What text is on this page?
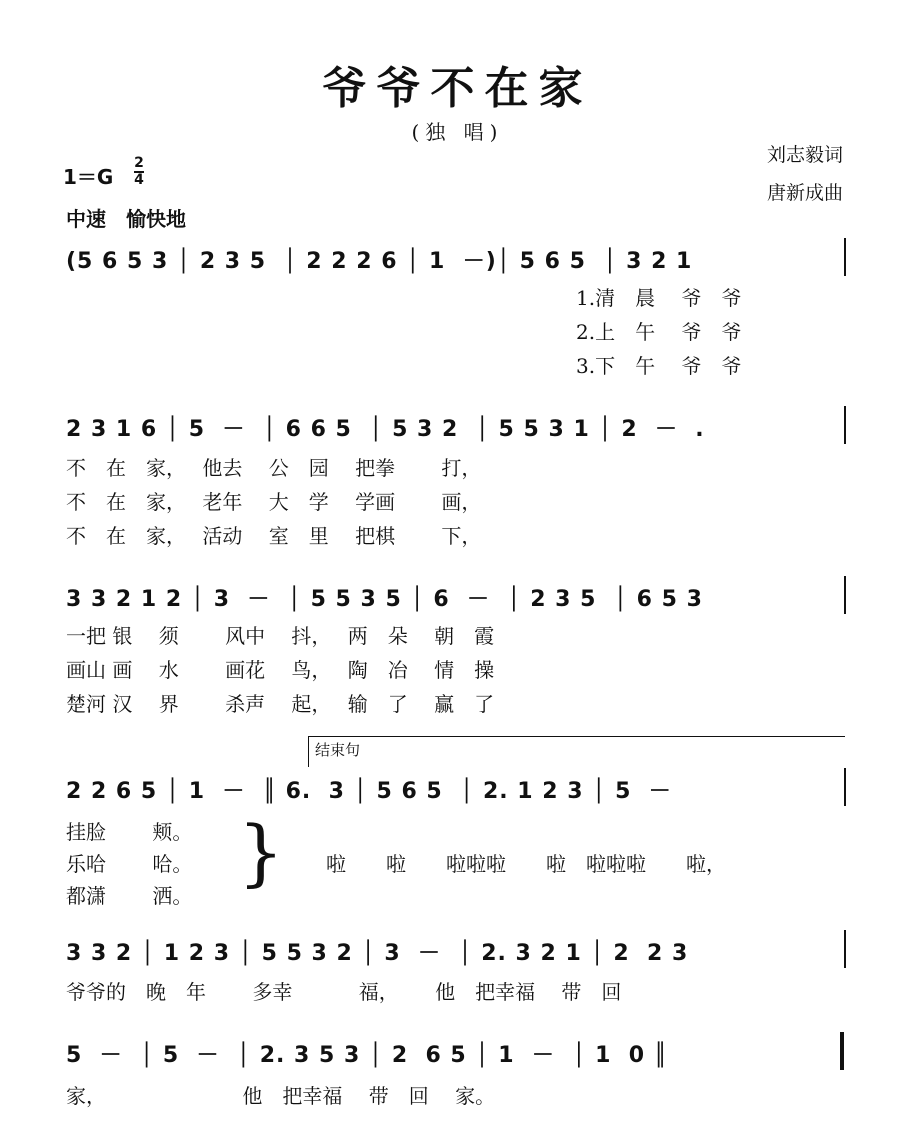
爷爷不在家
(独 唱)
刘志毅词
唐新成曲
1＝G
2
4
中速　愉快地
(5 6 5 3 │ 2 3 5  │ 2 2 2 6 │ 1  －)│ 5 6 5  │ 3 2 1
1.清　晨　 爷　爷
2.上　午　 爷　爷
3.下　午　 爷　爷
2 3 1 6 │ 5  －  │ 6 6 5  │ 5 3 2  │ 5 5 3 1 │ 2  －  .
不　在　家，　 他去　 公　园　 把拳　　 打，
不　在　家，　 老年　 大　学　 学画　　 画，
不　在　家，　 活动　 室　里　 把棋　　 下，
3 3 2 1 2 │ 3  －  │ 5 5 3 5 │ 6  －  │ 2 3 5  │ 6 5 3
一把 银　 须　　 风中　 抖，　 两　朵　 朝　霞
画山 画　 水　　 画花　 鸟，　 陶　冶　 情　操
楚河 汉　 界　　 杀声　 起，　 输　了　 赢　了
结束句
2 2 6 5 │ 1  －  ║ 6.  3 │ 5 6 5  │ 2. 1 2 3 │ 5  －
挂脸　　 颊。
乐哈　　 哈。
都潇　　 洒。
} 啦　　啦　　啦啦啦　　啦　啦啦啦　　啦，
3 3 2 │ 1 2 3 │ 5 5 3 2 │ 3  －  │ 2. 3 2 1 │ 2  2 3
爷爷的　晚　年　　 多幸　　　 福，　　 他　把幸福　 带　回
5  －  │ 5  －  │ 2. 3 5 3 │ 2  6 5 │ 1  －  │ 1  0 ║
家，　　　　　　　 他　把幸福　 带　回　 家。
